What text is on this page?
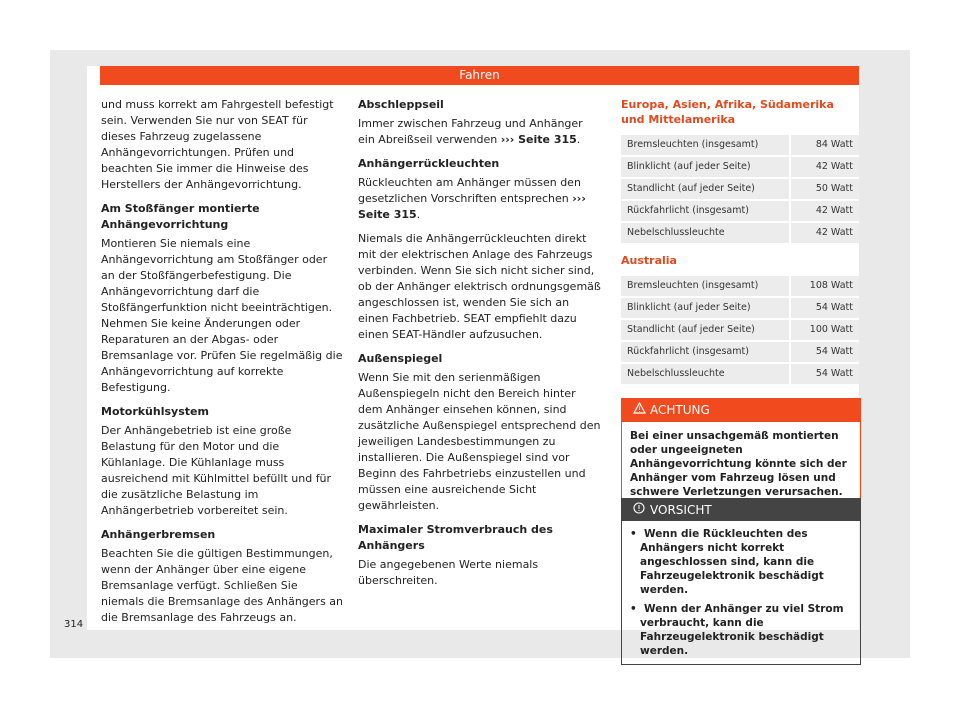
Fahren

und muss korrekt am Fahrgestell befestigt sein. Verwenden Sie nur von SEAT für dieses Fahrzeug zugelassene Anhängevorrichtungen. Prüfen und beachten Sie immer die Hinweise des Herstellers der Anhängevorrichtung.

Am Stoßfänger montierte Anhängevorrichtung

Montieren Sie niemals eine Anhängevorrichtung am Stoßfänger oder an der Stoßfängerbefestigung. Die Anhängevorrichtung darf die Stoßfängerfunktion nicht beeinträchtigen. Nehmen Sie keine Änderungen oder Reparaturen an der Abgas- oder Bremsanlage vor. Prüfen Sie regelmäßig die Anhängevorrichtung auf korrekte Befestigung.

Motorkühlsystem

Der Anhängebetrieb ist eine große Belastung für den Motor und die Kühlanlage. Die Kühlanlage muss ausreichend mit Kühlmittel befüllt und für die zusätzliche Belastung im Anhängerbetrieb vorbereitet sein.

Anhängerbremsen

Beachten Sie die gültigen Bestimmungen, wenn der Anhänger über eine eigene Bremsanlage verfügt. Schließen Sie niemals die Bremsanlage des Anhängers an die Bremsanlage des Fahrzeugs an.

Abschleppseil

Immer zwischen Fahrzeug und Anhänger ein Abreißseil verwenden ››› Seite 315.

Anhängerrückleuchten

Rückleuchten am Anhänger müssen den gesetzlichen Vorschriften entsprechen ››› Seite 315.

Niemals die Anhängerrückleuchten direkt mit der elektrischen Anlage des Fahrzeugs verbinden. Wenn Sie sich nicht sicher sind, ob der Anhänger elektrisch ordnungsgemäß angeschlossen ist, wenden Sie sich an einen Fachbetrieb. SEAT empfiehlt dazu einen SEAT-Händler aufzusuchen.

Außenspiegel

Wenn Sie mit den serienmäßigen Außenspiegeln nicht den Bereich hinter dem Anhänger einsehen können, sind zusätzliche Außenspiegel entsprechend den jeweiligen Landesbestimmungen zu installieren. Die Außenspiegel sind vor Beginn des Fahrbetriebs einzustellen und müssen eine ausreichende Sicht gewährleisten.

Maximaler Stromverbrauch des Anhängers

Die angegebenen Werte niemals überschreiten.

Europa, Asien, Afrika, Südamerika und Mittelamerika
Bremsleuchten (insgesamt)	84 Watt
Blinklicht (auf jeder Seite)	42 Watt
Standlicht (auf jeder Seite)	50 Watt
Rückfahrlicht (insgesamt)	42 Watt
Nebelschlussleuchte	42 Watt
Australia
Bremsleuchten (insgesamt)	108 Watt
Blinklicht (auf jeder Seite)	54 Watt
Standlicht (auf jeder Seite)	100 Watt
Rückfahrlicht (insgesamt)	54 Watt
Nebelschlussleuchte	54 Watt
ACHTUNG
Bei einer unsachgemäß montierten oder ungeeigneten Anhängevorrichtung könnte sich der Anhänger vom Fahrzeug lösen und schwere Verletzungen verursachen.
VORSICHT
•  Wenn die Rückleuchten des Anhängers nicht korrekt angeschlossen sind, kann die Fahrzeugelektronik beschädigt werden.
•  Wenn der Anhänger zu viel Strom verbraucht, kann die Fahrzeugelektronik beschädigt werden.
314
